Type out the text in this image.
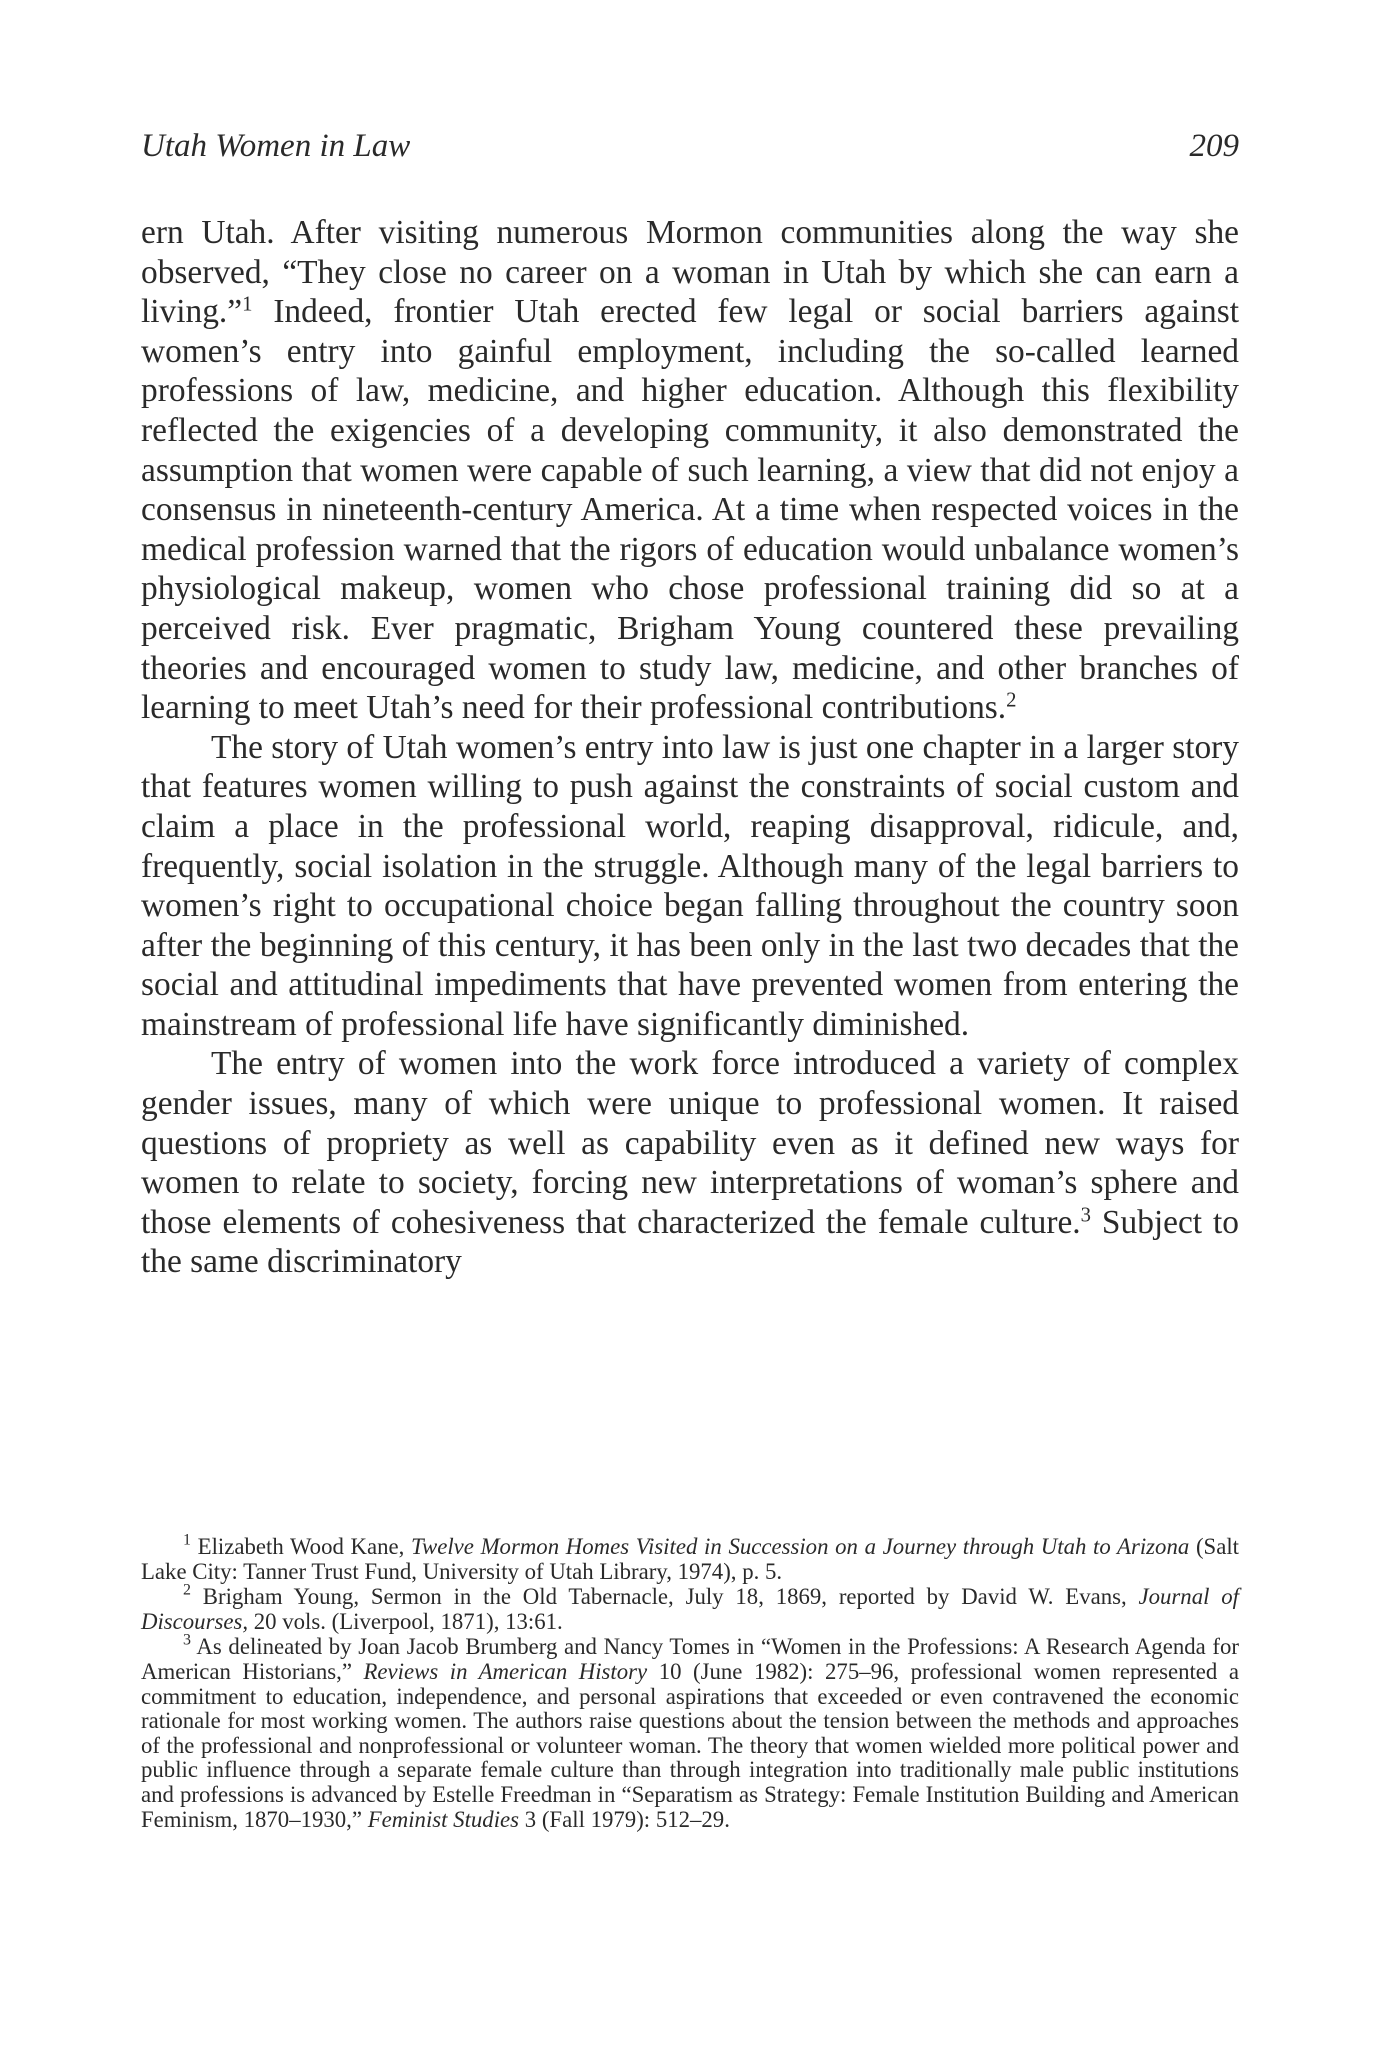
Utah Women in Law	209

ern Utah. After visiting numerous Mormon communities along the way she observed, “They close no career on a woman in Utah by which she can earn a living.”$^1$ Indeed, frontier Utah erected few legal or social barriers against women’s entry into gainful employment, including the so-called learned professions of law, medicine, and higher education. Although this flexibility reflected the exigencies of a developing community, it also demonstrated the assumption that women were capable of such learning, a view that did not enjoy a consensus in nineteenth-century America. At a time when respected voices in the medical profession warned that the rigors of education would unbalance women’s physiological makeup, women who chose professional training did so at a perceived risk. Ever pragmatic, Brigham Young countered these prevailing theories and encouraged women to study law, medicine, and other branches of learning to meet Utah’s need for their professional contributions.$^2$

The story of Utah women’s entry into law is just one chapter in a larger story that features women willing to push against the constraints of social custom and claim a place in the professional world, reaping disapproval, ridicule, and, frequently, social isolation in the struggle. Although many of the legal barriers to women’s right to occupational choice began falling throughout the country soon after the beginning of this century, it has been only in the last two decades that the social and attitudinal impediments that have prevented women from entering the mainstream of professional life have significantly diminished.

The entry of women into the work force introduced a variety of complex gender issues, many of which were unique to professional women. It raised questions of propriety as well as capability even as it defined new ways for women to relate to society, forcing new interpretations of woman’s sphere and those elements of cohesiveness that characterized the female culture.$^3$ Subject to the same discriminatory

$^1$ Elizabeth Wood Kane, Twelve Mormon Homes Visited in Succession on a Journey through Utah to Arizona (Salt Lake City: Tanner Trust Fund, University of Utah Library, 1974), p. 5.

$^2$ Brigham Young, Sermon in the Old Tabernacle, July 18, 1869, reported by David W. Evans, Journal of Discourses, 20 vols. (Liverpool, 1871), 13:61.

$^3$ As delineated by Joan Jacob Brumberg and Nancy Tomes in “Women in the Professions: A Research Agenda for American Historians,” Reviews in American History 10 (June 1982): 275–96, professional women represented a commitment to education, independence, and personal aspirations that exceeded or even contravened the economic rationale for most working women. The authors raise questions about the tension between the methods and approaches of the professional and nonprofessional or volunteer woman. The theory that women wielded more political power and public influence through a separate female culture than through integration into traditionally male public institutions and professions is advanced by Estelle Freedman in “Separatism as Strategy: Female Institution Building and American Feminism, 1870–1930,” Feminist Studies 3 (Fall 1979): 512–29.
